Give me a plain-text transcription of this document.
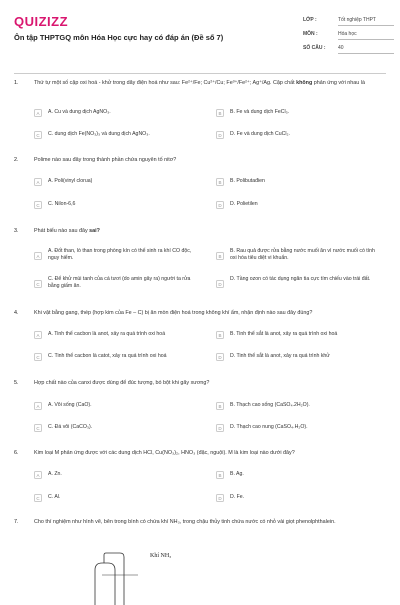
QUIZIZZ
Ôn tập THPTGQ môn Hóa Học cực hay có đáp án (Đề số 7)
LỚP :	Tốt nghiệp THPT
MÔN :	Hóa học
SỐ CÂU :	40
1.	Thứ tự một số cặp oxi hoá - khử trong dãy điện hoá như sau: Fe²⁺/Fe; Cu²⁺/Cu; Fe³⁺/Fe²⁺; Ag⁺/Ag. Cặp chất không phản ứng với nhau là
A	A. Cu và dung dịch AgNO₃.	B	B. Fe và dung dịch FeCl₃.
C	C. dung dịch Fe(NO₃)₃ và dung dịch AgNO₃.	D	D. Fe và dung dịch CuCl₂.
2.	Polime nào sau đây trong thành phần chứa nguyên tố nitơ?
A	A. Poli(vinyl clorua)	B	B. Polibutađien
C	C. Nilon-6,6	D	D. Polietilen
3.	Phát biểu nào sau đây sai?
A
A. Đốt than, lò than trong phòng kín có thể sinh ra khí CO độc, nguy hiểm.	B
B. Rau quả được rửa bằng nước muối ăn vì nước muối có tính oxi hóa tiêu diệt vi khuẩn.
C
C. Để khử mùi tanh của cá tươi (do amin gây ra) người ta rửa bằng giấm ăn.	D
D. Tầng ozon có tác dụng ngăn tia cực tím chiếu vào trái đất.
4.	Khi vật bằng gang, thép (hợp kim của Fe – C) bị ăn mòn điện hoá trong không khí ẩm, nhận định nào sau đây đúng?
A	A. Tinh thể cacbon là anot, xảy ra quá trình oxi hoá	B	B. Tinh thể sắt là anot, xảy ra quá trình oxi hoá
C	C. Tinh thể cacbon là catot, xảy ra quá trình oxi hoá	D	D. Tinh thể sắt là anot, xảy ra quá trình khử
5.	Hợp chất nào của canxi được dùng để đúc tượng, bó bột khi gãy xương?
A	A. Vôi sống (CaO).	B	B. Thạch cao sống (CaSO₄.2H₂O).
C	C. Đá vôi (CaCO₃).	D	D. Thạch cao nung (CaSO₄.H₂O).
6.	Kim loại M phản ứng được với các dung dịch HCl, Cu(NO₃)₂, HNO₃ (đặc, nguội). M là kim loại nào dưới đây?
A	A. Zn.	B	B. Ag.
C	C. Al.	D	D. Fe.
7.	Cho thí nghiệm như hình vẽ, bên trong bình có chứa khí NH₃, trong chậu thủy tinh chứa nước có nhỏ vài giọt phenolphthalein.
Khí NH₃
